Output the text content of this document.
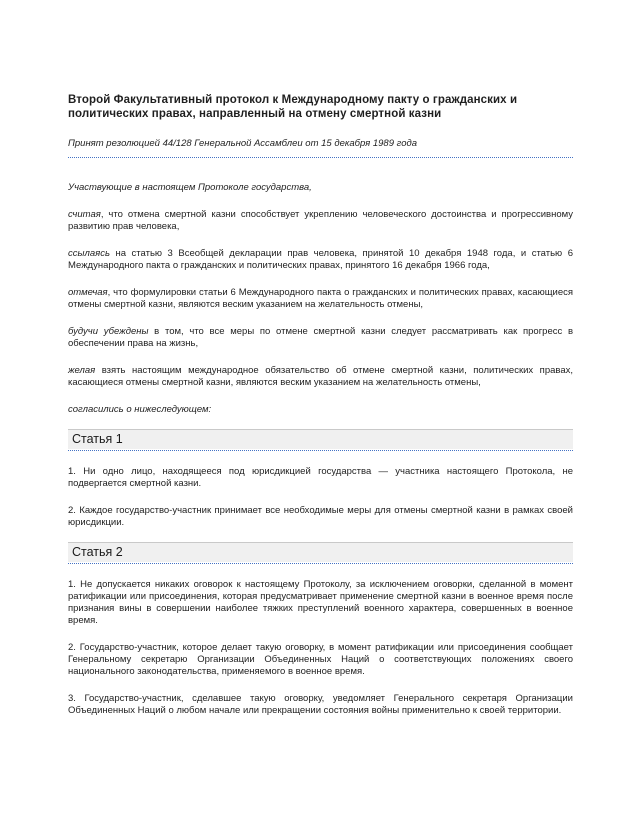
Второй Факультативный протокол к Международному пакту о гражданских и политических правах, направленный на отмену смертной казни

Принят резолюцией 44/128 Генеральной Ассамблеи от 15 декабря 1989 года

Участвующие в настоящем Протоколе государства,

считая, что отмена смертной казни способствует укреплению человеческого достоинства и прогрессивному развитию прав человека,

ссылаясь на статью 3 Всеобщей декларации прав человека, принятой 10 декабря 1948 года, и статью 6 Международного пакта о гражданских и политических правах, принятого 16 декабря 1966 года,

отмечая, что формулировки статьи 6 Международного пакта о гражданских и политических правах, касающиеся отмены смертной казни, являются веским указанием на желательность отмены,

будучи убеждены в том, что все меры по отмене смертной казни следует рассматривать как прогресс в обеспечении права на жизнь,

желая взять настоящим международное обязательство об отмене смертной казни, политических правах, касающиеся отмены смертной казни, являются веским указанием на желательность отмены,

согласились о нижеследующем:

Статья 1

1. Ни одно лицо, находящееся под юрисдикцией государства — участника настоящего Протокола, не подвергается смертной казни.

2. Каждое государство-участник принимает все необходимые меры для отмены смертной казни в рамках своей юрисдикции.

Статья 2

1. Не допускается никаких оговорок к настоящему Протоколу, за исключением оговорки, сделанной в момент ратификации или присоединения, которая предусматривает применение смертной казни в военное время после признания вины в совершении наиболее тяжких преступлений военного характера, совершенных в военное время.

2. Государство-участник, которое делает такую оговорку, в момент ратификации или присоединения сообщает Генеральному секретарю Организации Объединенных Наций о соответствующих положениях своего национального законодательства, применяемого в военное время.

3. Государство-участник, сделавшее такую оговорку, уведомляет Генерального секретаря Организации Объединенных Наций о любом начале или прекращении состояния войны применительно к своей территории.
